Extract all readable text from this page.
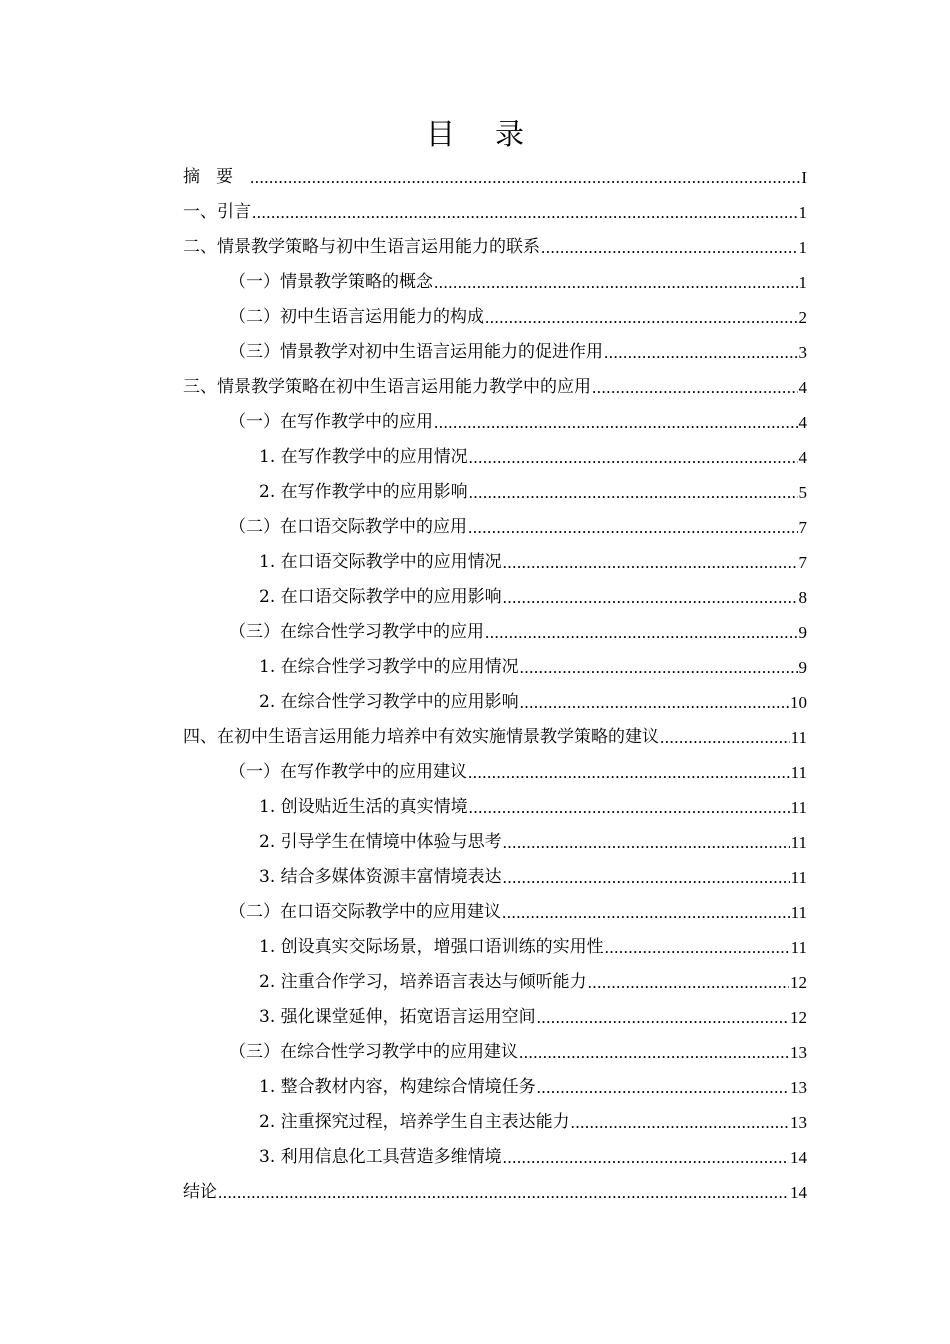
目录
摘要 .....	I
一、引言 .....	1
二、情景教学策略与初中生语言运用能力的联系 .....	1
（一）情景教学策略的概念 .....	1
（二）初中生语言运用能力的构成 .....	2
（三）情景教学对初中生语言运用能力的促进作用 .....	3
三、情景教学策略在初中生语言运用能力教学中的应用 .....	4
（一）在写作教学中的应用 .....	4
1. 在写作教学中的应用情况 .....	4
2. 在写作教学中的应用影响 .....	5
（二）在口语交际教学中的应用 .....	7
1. 在口语交际教学中的应用情况 .....	7
2. 在口语交际教学中的应用影响 .....	8
（三）在综合性学习教学中的应用 .....	9
1. 在综合性学习教学中的应用情况 .....	9
2. 在综合性学习教学中的应用影响 .....	10
四、在初中生语言运用能力培养中有效实施情景教学策略的建议 .....	11
（一）在写作教学中的应用建议 .....	11
1. 创设贴近生活的真实情境 .....	11
2. 引导学生在情境中体验与思考 .....	11
3. 结合多媒体资源丰富情境表达 .....	11
（二）在口语交际教学中的应用建议 .....	11
1. 创设真实交际场景，增强口语训练的实用性 .....	11
2. 注重合作学习，培养语言表达与倾听能力 .....	12
3. 强化课堂延伸，拓宽语言运用空间 .....	12
（三）在综合性学习教学中的应用建议 .....	13
1. 整合教材内容，构建综合情境任务 .....	13
2. 注重探究过程，培养学生自主表达能力 .....	13
3. 利用信息化工具营造多维情境 .....	14
结论 .....	14
